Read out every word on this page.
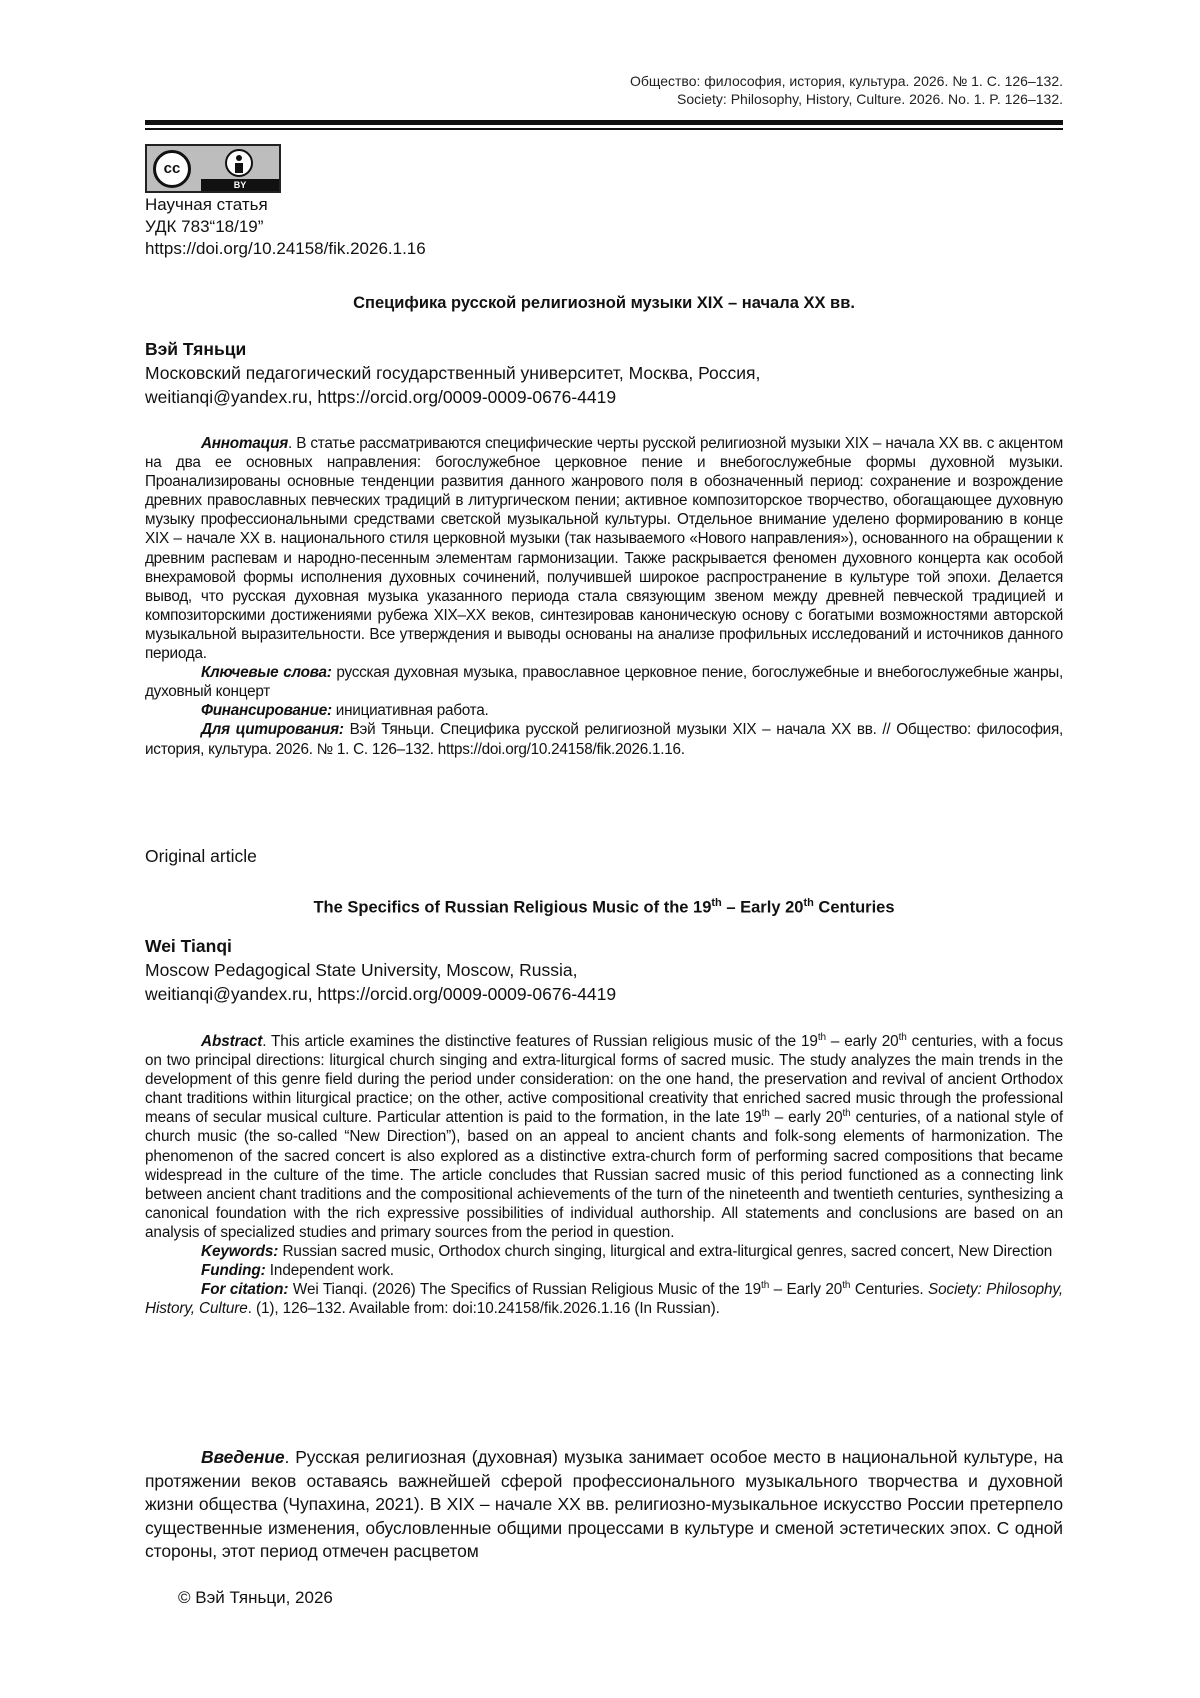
Общество: философия, история, культура. 2026. № 1. С. 126–132.
Society: Philosophy, History, Culture. 2026. No. 1. P. 126–132.
cc
BY
Научная статья
УДК 783“18/19”
https://doi.org/10.24158/fik.2026.1.16
Специфика русской религиозной музыки XIX – начала XX вв.
Вэй Тяньци
Московский педагогический государственный университет, Москва, Россия,
weitianqi@yandex.ru, https://orcid.org/0009-0009-0676-4419

Аннотация. В статье рассматриваются специфические черты русской религиозной музыки XIX – начала XX вв. с акцентом на два ее основных направления: богослужебное церковное пение и внебогослужебные формы духовной музыки. Проанализированы основные тенденции развития данного жанрового поля в обозначенный период: сохранение и возрождение древних православных певческих традиций в литургическом пении; активное композиторское творчество, обогащающее духовную музыку профессиональными средствами светской музыкальной культуры. Отдельное внимание уделено формированию в конце XIX – начале XX в. национального стиля церковной музыки (так называемого «Нового направления»), основанного на обращении к древним распевам и народно-песенным элементам гармонизации. Также раскрывается феномен духовного концерта как особой внехрамовой формы исполнения духовных сочинений, получившей широкое распространение в культуре той эпохи. Делается вывод, что русская духовная музыка указанного периода стала связующим звеном между древней певческой традицией и композиторскими достижениями рубежа XIX–XX веков, синтезировав каноническую основу с богатыми возможностями авторской музыкальной выразительности. Все утверждения и выводы основаны на анализе профильных исследований и источников данного периода.

Ключевые слова: русская духовная музыка, православное церковное пение, богослужебные и внебогослужебные жанры, духовный концерт

Финансирование: инициативная работа.

Для цитирования: Вэй Тяньци. Специфика русской религиозной музыки XIX – начала XX вв. // Общество: философия, история, культура. 2026. № 1. С. 126–132. https://doi.org/10.24158/fik.2026.1.16.

Original article
The Specifics of Russian Religious Music of the 19th – Early 20th Centuries
Wei Tianqi
Moscow Pedagogical State University, Moscow, Russia,
weitianqi@yandex.ru, https://orcid.org/0009-0009-0676-4419

Abstract. This article examines the distinctive features of Russian religious music of the 19th – early 20th centuries, with a focus on two principal directions: liturgical church singing and extra-liturgical forms of sacred music. The study analyzes the main trends in the development of this genre field during the period under consideration: on the one hand, the preservation and revival of ancient Orthodox chant traditions within liturgical practice; on the other, active compositional creativity that enriched sacred music through the professional means of secular musical culture. Particular attention is paid to the formation, in the late 19th – early 20th centuries, of a national style of church music (the so-called “New Direction”), based on an appeal to ancient chants and folk-song elements of harmonization. The phenomenon of the sacred concert is also explored as a distinctive extra-church form of performing sacred compositions that became widespread in the culture of the time. The article concludes that Russian sacred music of this period functioned as a connecting link between ancient chant traditions and the compositional achievements of the turn of the nineteenth and twentieth centuries, synthesizing a canonical foundation with the rich expressive possibilities of individual authorship. All statements and conclusions are based on an analysis of specialized studies and primary sources from the period in question.

Keywords: Russian sacred music, Orthodox church singing, liturgical and extra-liturgical genres, sacred concert, New Direction

Funding: Independent work.

For citation: Wei Tianqi. (2026) The Specifics of Russian Religious Music of the 19th – Early 20th Centuries. Society: Philosophy, History, Culture. (1), 126–132. Available from: doi:10.24158/fik.2026.1.16 (In Russian).

Введение. Русская религиозная (духовная) музыка занимает особое место в национальной культуре, на протяжении веков оставаясь важнейшей сферой профессионального музыкального творчества и духовной жизни общества (Чупахина, 2021). В XIX – начале XX вв. религиозно-музыкальное искусство России претерпело существенные изменения, обусловленные общими процессами в культуре и сменой эстетических эпох. С одной стороны, этот период отмечен расцветом
© Вэй Тяньци, 2026
